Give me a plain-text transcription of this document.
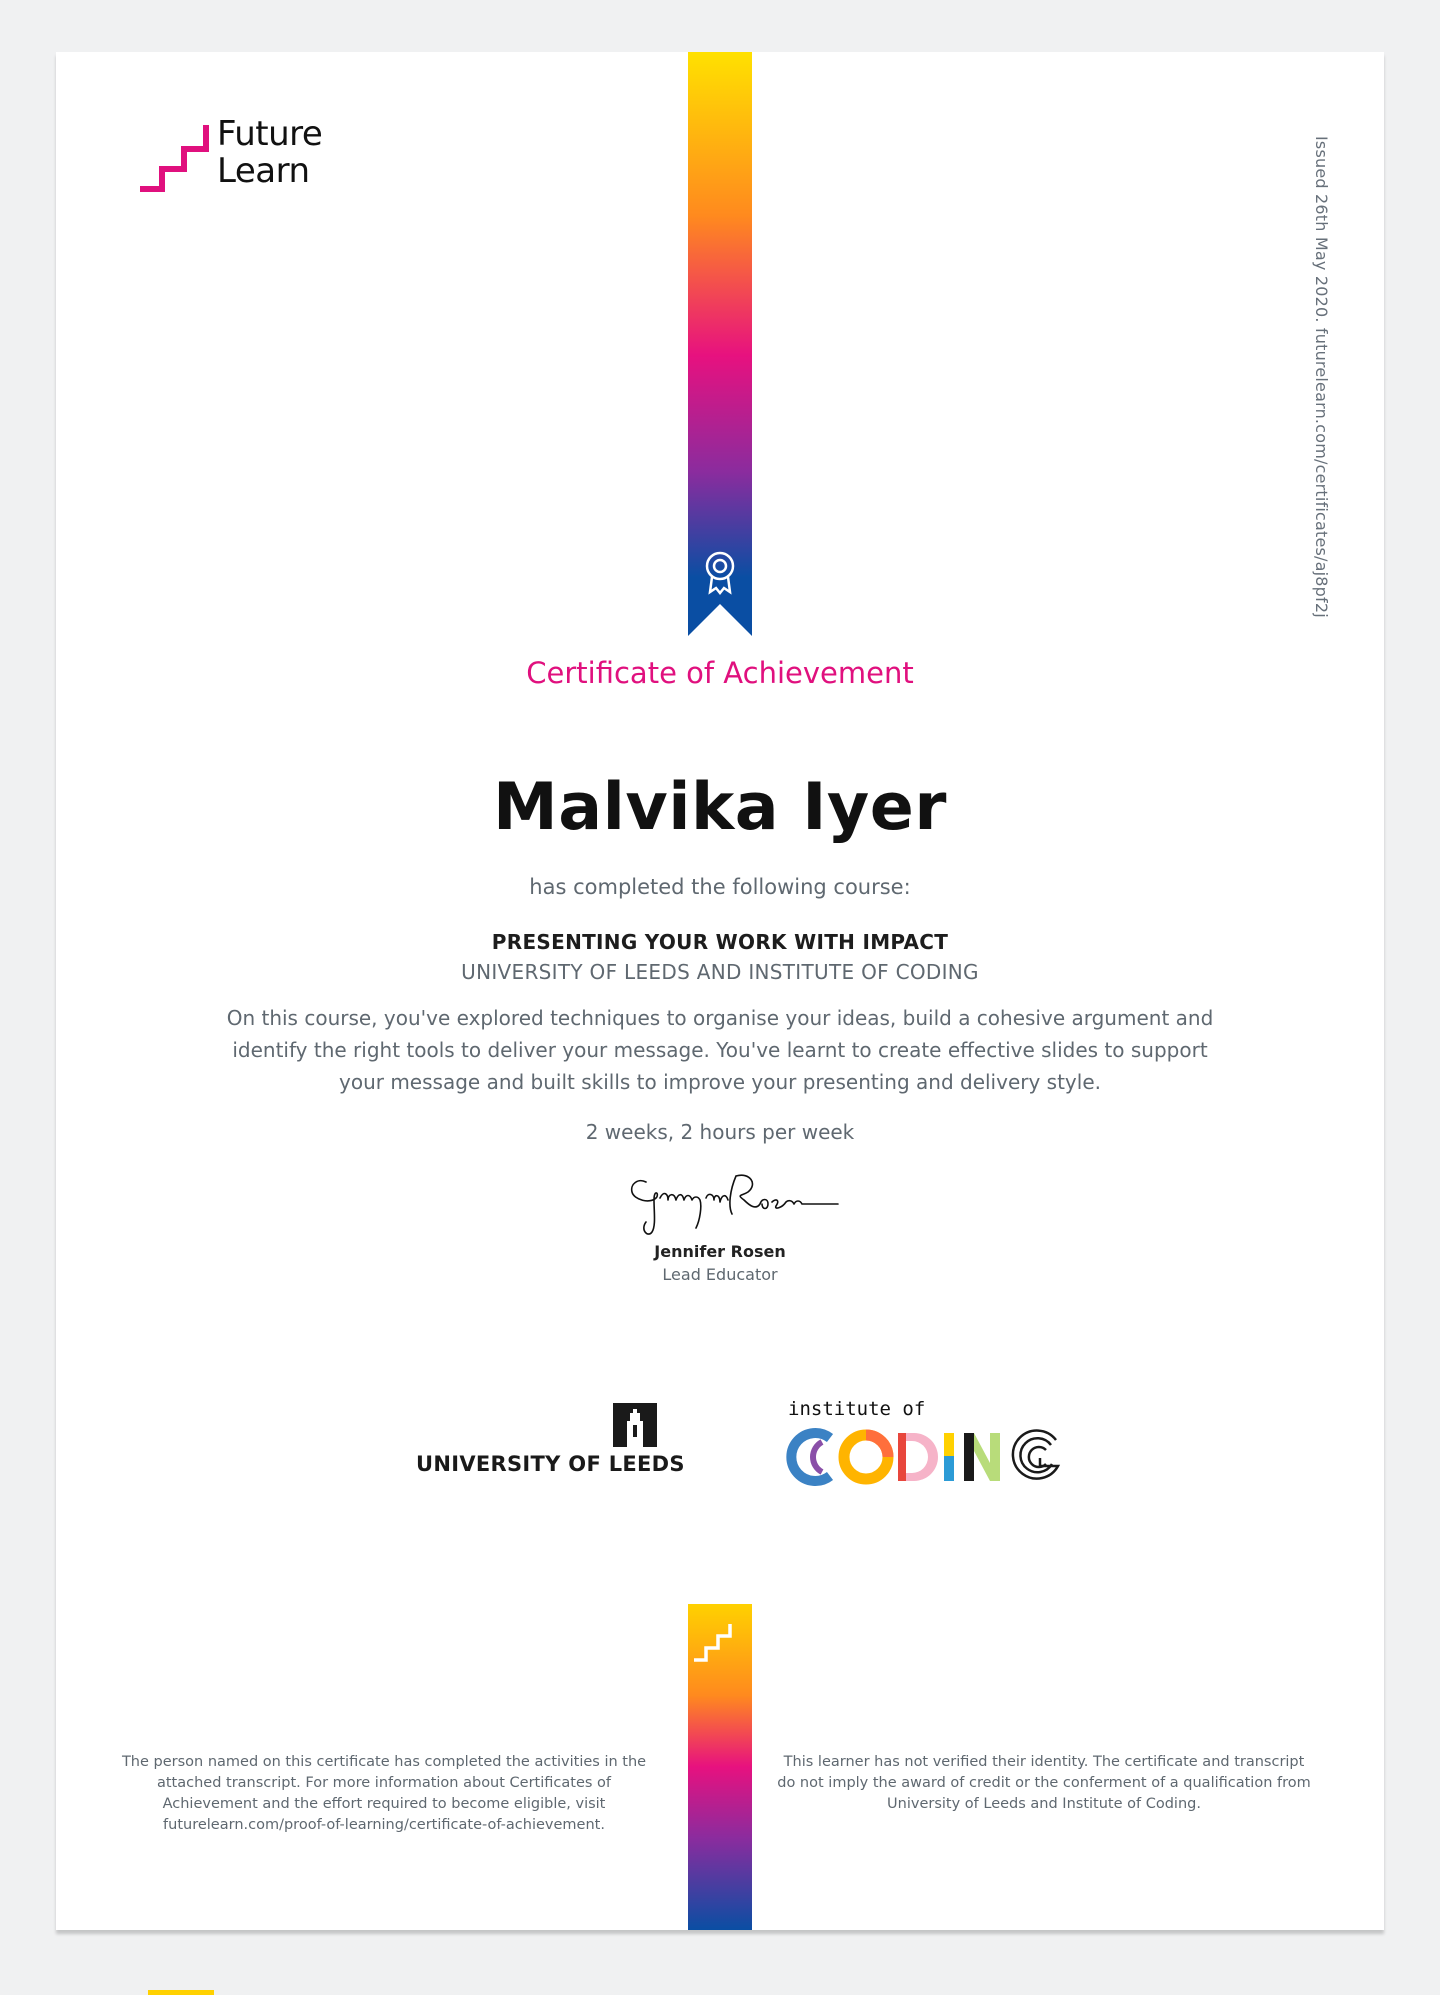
Future
Learn	Issued 26th May 2020. futurelearn.com/certificates/aj8pf2j
Certificate of Achievement
Malvika Iyer
has completed the following course:
PRESENTING YOUR WORK WITH IMPACT
UNIVERSITY OF LEEDS AND INSTITUTE OF CODING
On this course, you've explored techniques to organise your ideas, build a cohesive argument and identify the right tools to deliver your message. You've learnt to create effective slides to support your message and built skills to improve your presenting and delivery style.
2 weeks, 2 hours per week
Jennifer Rosen
Lead Educator
UNIVERSITY OF LEEDS
institute of
The person named on this certificate has completed the activities in the attached transcript. For more information about Certificates of Achievement and the effort required to become eligible, visit futurelearn.com/proof-of-learning/certificate-of-achievement.
This learner has not verified their identity. The certificate and transcript do not imply the award of credit or the conferment of a qualification from University of Leeds and Institute of Coding.
